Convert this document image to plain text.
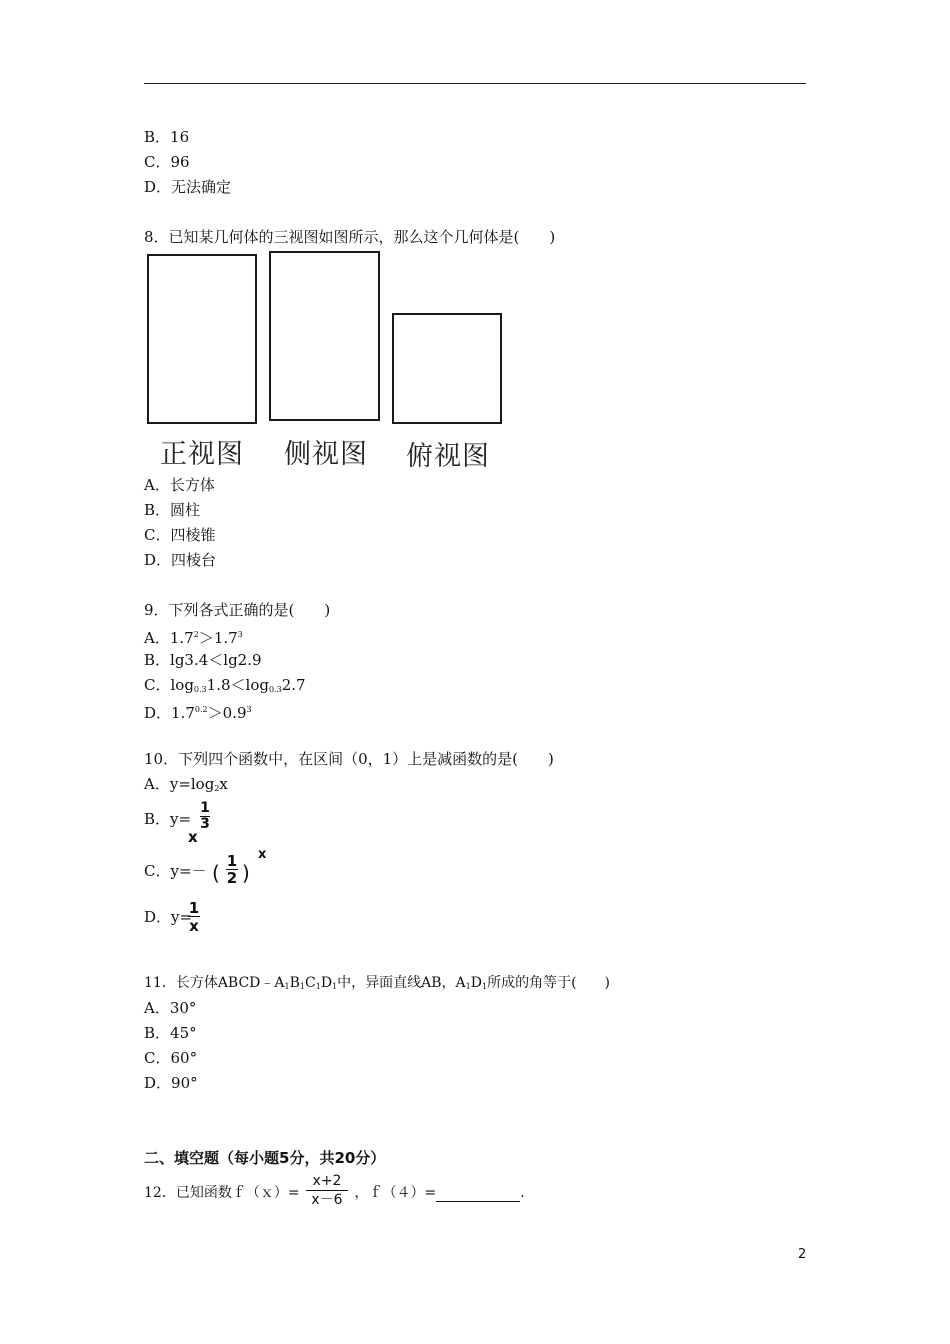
B．16
C．96
D．无法确定
8．已知某几何体的三视图如图所示，那么这个几何体是(　　)
正视图 侧视图 俯视图
A．长方体
B．圆柱
C．四棱锥
D．四棱台
9．下列各式正确的是(　　)
A．$1.7^2>1.7^3$
B．lg3.4＜lg2.9
C．$\log_{0.3}1.8<\log_{0.3}2.7$
D．$1.7^{0.2}>0.9^3$
10．下列四个函数中，在区间（0，1）上是减函数的是(　　)
A．$y=\log_2x$
B．y=
x
1
3
C．y=－ ( 1
2 )
x
D．y=
1
x
11．长方体$ABCD﹣A_1B_1C_1D_1$中，异面直线AB，$A_1D_1$所成的角等于(　　)
A．30°
B．45°
C．60°
D．90°
二、填空题（每小题5分，共20分）
12．已知函数ｆ（ｘ）=	，ｆ（４）=	.
x+2
x－6
2
